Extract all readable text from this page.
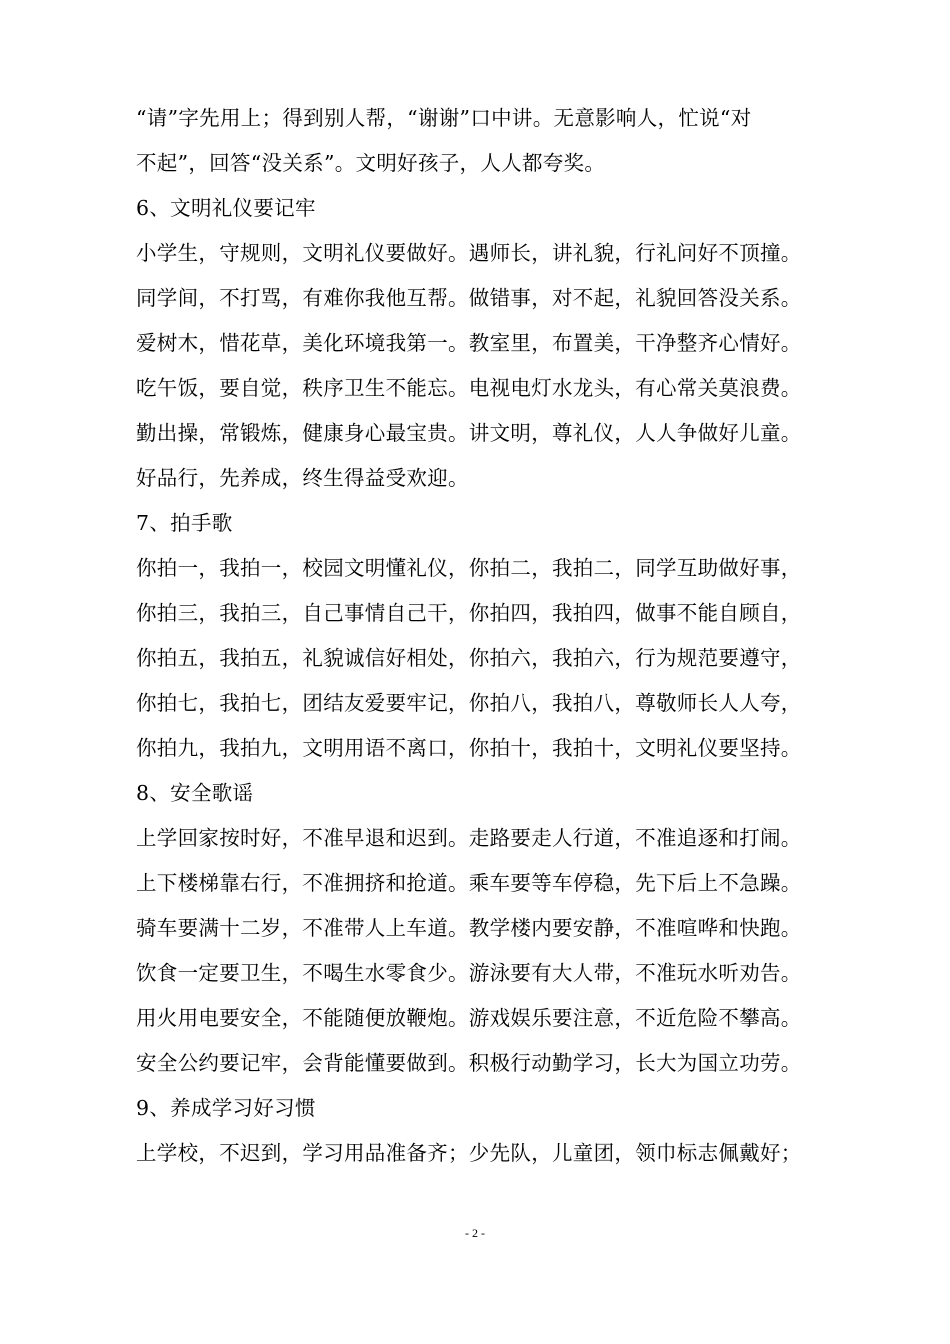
“请”字先用上；得到别人帮，“谢谢”口中讲。无意影响人，忙说“对
不起”，回答“没关系”。文明好孩子，人人都夸奖。
6、文明礼仪要记牢
小学生，守规则，文明礼仪要做好。遇师长，讲礼貌，行礼问好不顶撞。
同学间，不打骂，有难你我他互帮。做错事，对不起，礼貌回答没关系。
爱树木，惜花草，美化环境我第一。教室里，布置美，干净整齐心情好。
吃午饭，要自觉，秩序卫生不能忘。电视电灯水龙头，有心常关莫浪费。
勤出操，常锻炼，健康身心最宝贵。讲文明，尊礼仪，人人争做好儿童。
好品行，先养成，终生得益受欢迎。
7、拍手歌
你拍一，我拍一，校园文明懂礼仪，你拍二，我拍二，同学互助做好事，
你拍三，我拍三，自己事情自己干，你拍四，我拍四，做事不能自顾自，
你拍五，我拍五，礼貌诚信好相处，你拍六，我拍六，行为规范要遵守，
你拍七，我拍七，团结友爱要牢记，你拍八，我拍八，尊敬师长人人夸，
你拍九，我拍九，文明用语不离口，你拍十，我拍十，文明礼仪要坚持。
8、安全歌谣
上学回家按时好，不准早退和迟到。走路要走人行道，不准追逐和打闹。
上下楼梯靠右行，不准拥挤和抢道。乘车要等车停稳，先下后上不急躁。
骑车要满十二岁，不准带人上车道。教学楼内要安静，不准喧哗和快跑。
饮食一定要卫生，不喝生水零食少。游泳要有大人带，不准玩水听劝告。
用火用电要安全，不能随便放鞭炮。游戏娱乐要注意，不近危险不攀高。
安全公约要记牢，会背能懂要做到。积极行动勤学习，长大为国立功劳。
9、养成学习好习惯
上学校，不迟到，学习用品准备齐；少先队，儿童团，领巾标志佩戴好；
- 2 -
